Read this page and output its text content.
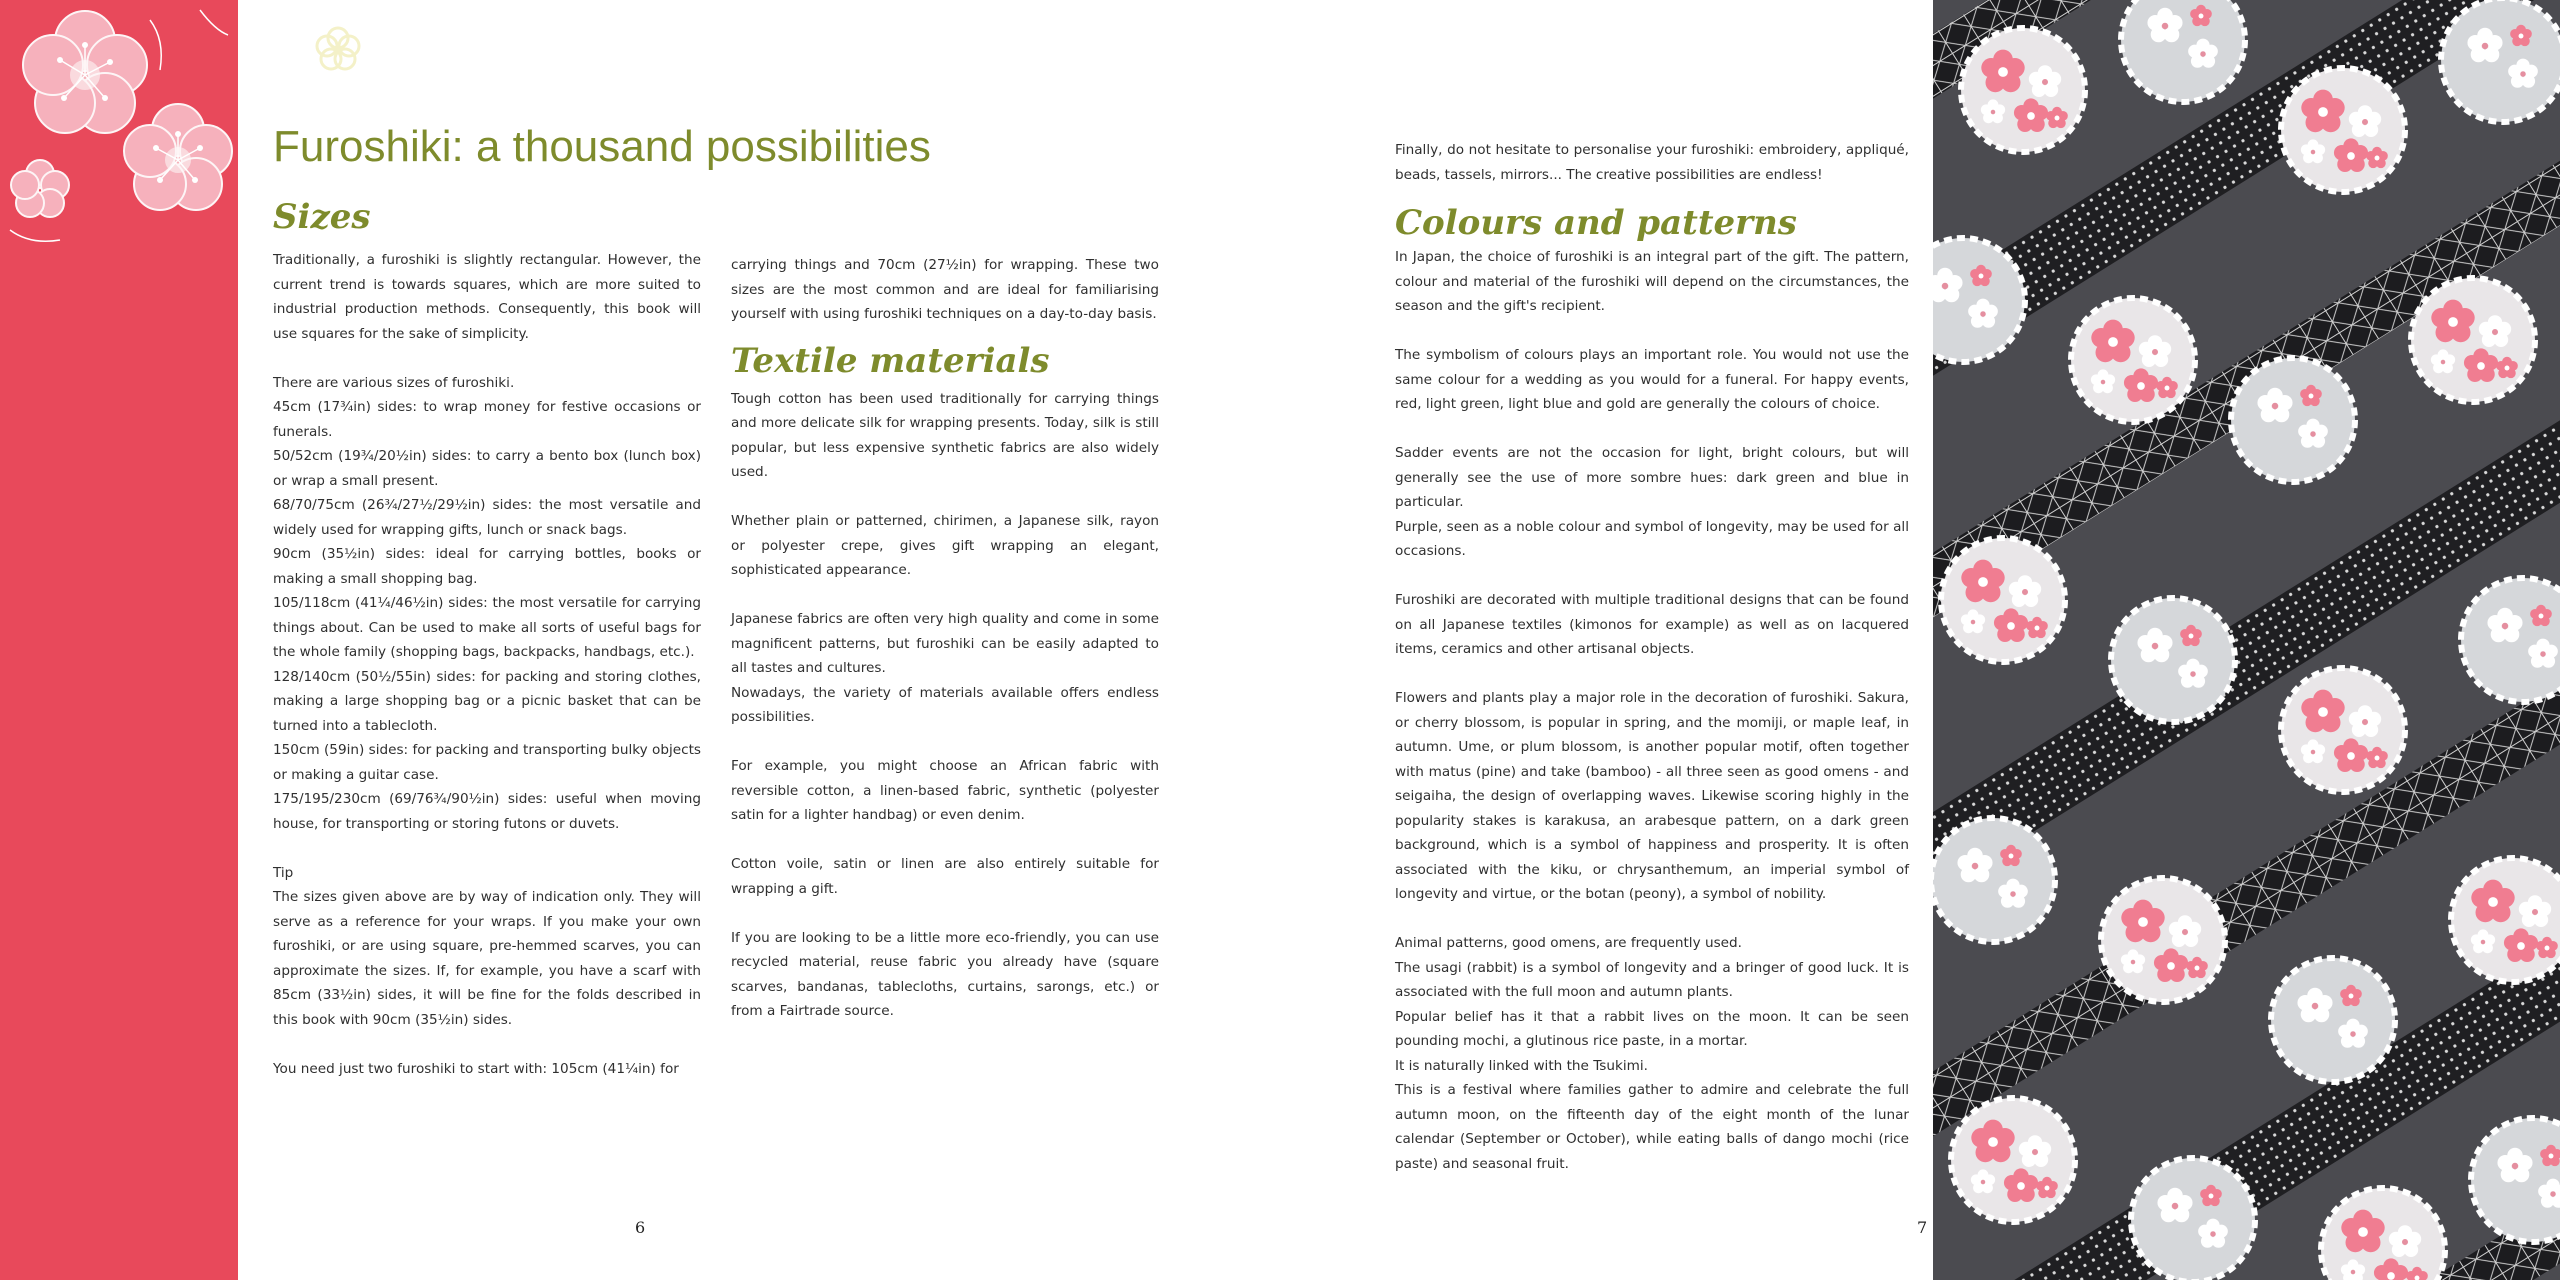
Furoshiki: a thousand possibilities
Sizes

Traditionally, a furoshiki is slightly rectangular. However, the current trend is towards squares, which are more suited to industrial production methods. Consequently, this book will use squares for the sake of simplicity.

There are various sizes of furoshiki.

45cm (17¾in) sides: to wrap money for festive occasions or funerals.

50/52cm (19¾/20½in) sides: to carry a bento box (lunch box) or wrap a small present.

68/70/75cm (26¾/27½/29½in) sides: the most versatile and widely used for wrapping gifts, lunch or snack bags.

90cm (35½in) sides: ideal for carrying bottles, books or making a small shopping bag.

105/118cm (41¼/46½in) sides: the most versatile for carrying things about. Can be used to make all sorts of useful bags for the whole family (shopping bags, backpacks, handbags, etc.).

128/140cm (50½/55in) sides: for packing and storing clothes, making a large shopping bag or a picnic basket that can be turned into a tablecloth.

150cm (59in) sides: for packing and transporting bulky objects or making a guitar case.

175/195/230cm (69/76¾/90½in) sides: useful when moving house, for transporting or storing futons or duvets.

Tip

The sizes given above are by way of indication only. They will serve as a reference for your wraps. If you make your own furoshiki, or are using square, pre-hemmed scarves, you can approximate the sizes. If, for example, you have a scarf with 85cm (33½in) sides, it will be fine for the folds described in this book with 90cm (35½in) sides.

You need just two furoshiki to start with: 105cm (41¼in) for

carrying things and 70cm (27½in) for wrapping. These two sizes are the most common and are ideal for familiarising yourself with using furoshiki techniques on a day-to-day basis.

Textile materials

Tough cotton has been used traditionally for carrying things and more delicate silk for wrapping presents. Today, silk is still popular, but less expensive synthetic fabrics are also widely used.

Whether plain or patterned, chirimen, a Japanese silk, rayon or polyester crepe, gives gift wrapping an elegant, sophisticated appearance.

Japanese fabrics are often very high quality and come in some magnificent patterns, but furoshiki can be easily adapted to all tastes and cultures.

Nowadays, the variety of materials available offers endless possibilities.

For example, you might choose an African fabric with reversible cotton, a linen-based fabric, synthetic (polyester satin for a lighter handbag) or even denim.

Cotton voile, satin or linen are also entirely suitable for wrapping a gift.

If you are looking to be a little more eco-friendly, you can use recycled material, reuse fabric you already have (square scarves, bandanas, tablecloths, curtains, sarongs, etc.) or from a Fairtrade source.

6

Finally, do not hesitate to personalise your furoshiki: embroidery, appliqué, beads, tassels, mirrors... The creative possibilities are endless!

Colours and patterns

In Japan, the choice of furoshiki is an integral part of the gift. The pattern, colour and material of the furoshiki will depend on the circumstances, the season and the gift's recipient.

The symbolism of colours plays an important role. You would not use the same colour for a wedding as you would for a funeral. For happy events, red, light green, light blue and gold are generally the colours of choice.

Sadder events are not the occasion for light, bright colours, but will generally see the use of more sombre hues: dark green and blue in particular.

Purple, seen as a noble colour and symbol of longevity, may be used for all occasions.

Furoshiki are decorated with multiple traditional designs that can be found on all Japanese textiles (kimonos for example) as well as on lacquered items, ceramics and other artisanal objects.

Flowers and plants play a major role in the decoration of furoshiki. Sakura, or cherry blossom, is popular in spring, and the momiji, or maple leaf, in autumn. Ume, or plum blossom, is another popular motif, often together with matus (pine) and take (bamboo) - all three seen as good omens - and seigaiha, the design of overlapping waves. Likewise scoring highly in the popularity stakes is karakusa, an arabesque pattern, on a dark green background, which is a symbol of happiness and prosperity. It is often associated with the kiku, or chrysanthemum, an imperial symbol of longevity and virtue, or the botan (peony), a symbol of nobility.

Animal patterns, good omens, are frequently used.

The usagi (rabbit) is a symbol of longevity and a bringer of good luck. It is associated with the full moon and autumn plants.

Popular belief has it that a rabbit lives on the moon. It can be seen pounding mochi, a glutinous rice paste, in a mortar.

It is naturally linked with the Tsukimi.

This is a festival where families gather to admire and celebrate the full autumn moon, on the fifteenth day of the eight month of the lunar calendar (September or October), while eating balls of dango mochi (rice paste) and seasonal fruit.

7
